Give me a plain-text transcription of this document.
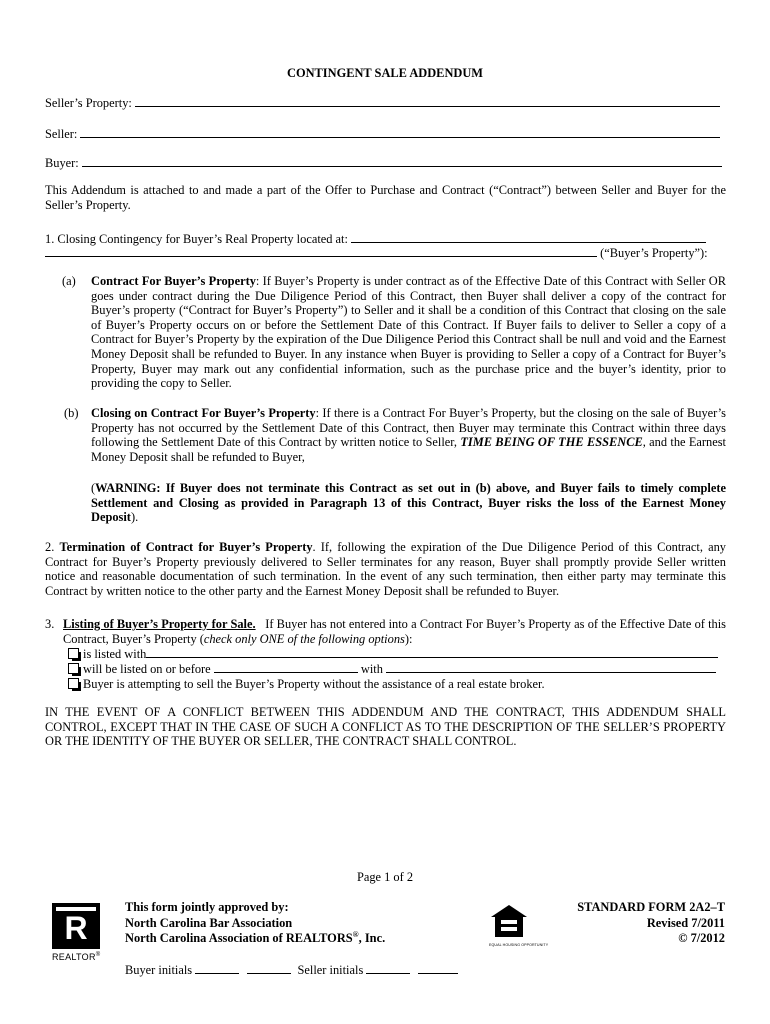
CONTINGENT SALE ADDENDUM
Seller’s Property:
Seller:
Buyer:
This Addendum is attached to and made a part of the Offer to Purchase and Contract (“Contract”) between Seller and Buyer for the Seller’s Property.
1. Closing Contingency for Buyer’s Real Property located at:
(“Buyer’s Property”):
(a) Contract For Buyer’s Property: If Buyer’s Property is under contract as of the Effective Date of this Contract with Seller OR goes under contract during the Due Diligence Period of this Contract, then Buyer shall deliver a copy of the contract for Buyer’s property (“Contract for Buyer’s Property”) to Seller and it shall be a condition of this Contract that closing on the sale of Buyer’s Property occurs on or before the Settlement Date of this Contract. If Buyer fails to deliver to Seller a copy of a Contract for Buyer’s Property by the expiration of the Due Diligence Period this Contract shall be null and void and the Earnest Money Deposit shall be refunded to Buyer. In any instance when Buyer is providing to Seller a copy of a Contract for Buyer’s Property, Buyer may mark out any confidential information, such as the purchase price and the buyer’s identity, prior to providing the copy to Seller.
(b) Closing on Contract For Buyer’s Property: If there is a Contract For Buyer’s Property, but the closing on the sale of Buyer’s Property has not occurred by the Settlement Date of this Contract, then Buyer may terminate this Contract within three days following the Settlement Date of this Contract by written notice to Seller, TIME BEING OF THE ESSENCE, and the Earnest Money Deposit shall be refunded to Buyer,
(WARNING: If Buyer does not terminate this Contract as set out in (b) above, and Buyer fails to timely complete Settlement and Closing as provided in Paragraph 13 of this Contract, Buyer risks the loss of the Earnest Money Deposit).
2. Termination of Contract for Buyer’s Property. If, following the expiration of the Due Diligence Period of this Contract, any Contract for Buyer’s Property previously delivered to Seller terminates for any reason, Buyer shall promptly provide Seller written notice and reasonable documentation of such termination. In the event of any such termination, then either party may terminate this Contract by written notice to the other party and the Earnest Money Deposit shall be refunded to Buyer.
3. Listing of Buyer’s Property for Sale. If Buyer has not entered into a Contract For Buyer’s Property as of the Effective Date of this Contract, Buyer’s Property (check only ONE of the following options):
is listed with
will be listed on or before	with
Buyer is attempting to sell the Buyer’s Property without the assistance of a real estate broker.
IN THE EVENT OF A CONFLICT BETWEEN THIS ADDENDUM AND THE CONTRACT, THIS ADDENDUM SHALL CONTROL, EXCEPT THAT IN THE CASE OF SUCH A CONFLICT AS TO THE DESCRIPTION OF THE SELLER’S PROPERTY OR THE IDENTITY OF THE BUYER OR SELLER, THE CONTRACT SHALL CONTROL.
Page 1 of 2
R
REALTOR®
This form jointly approved by:
North Carolina Bar Association
North Carolina Association of REALTORS®, Inc.	EQUAL HOUSING OPPORTUNITY
STANDARD FORM 2A2–T
Revised 7/2011
© 7/2012
Buyer initials	Seller initials
